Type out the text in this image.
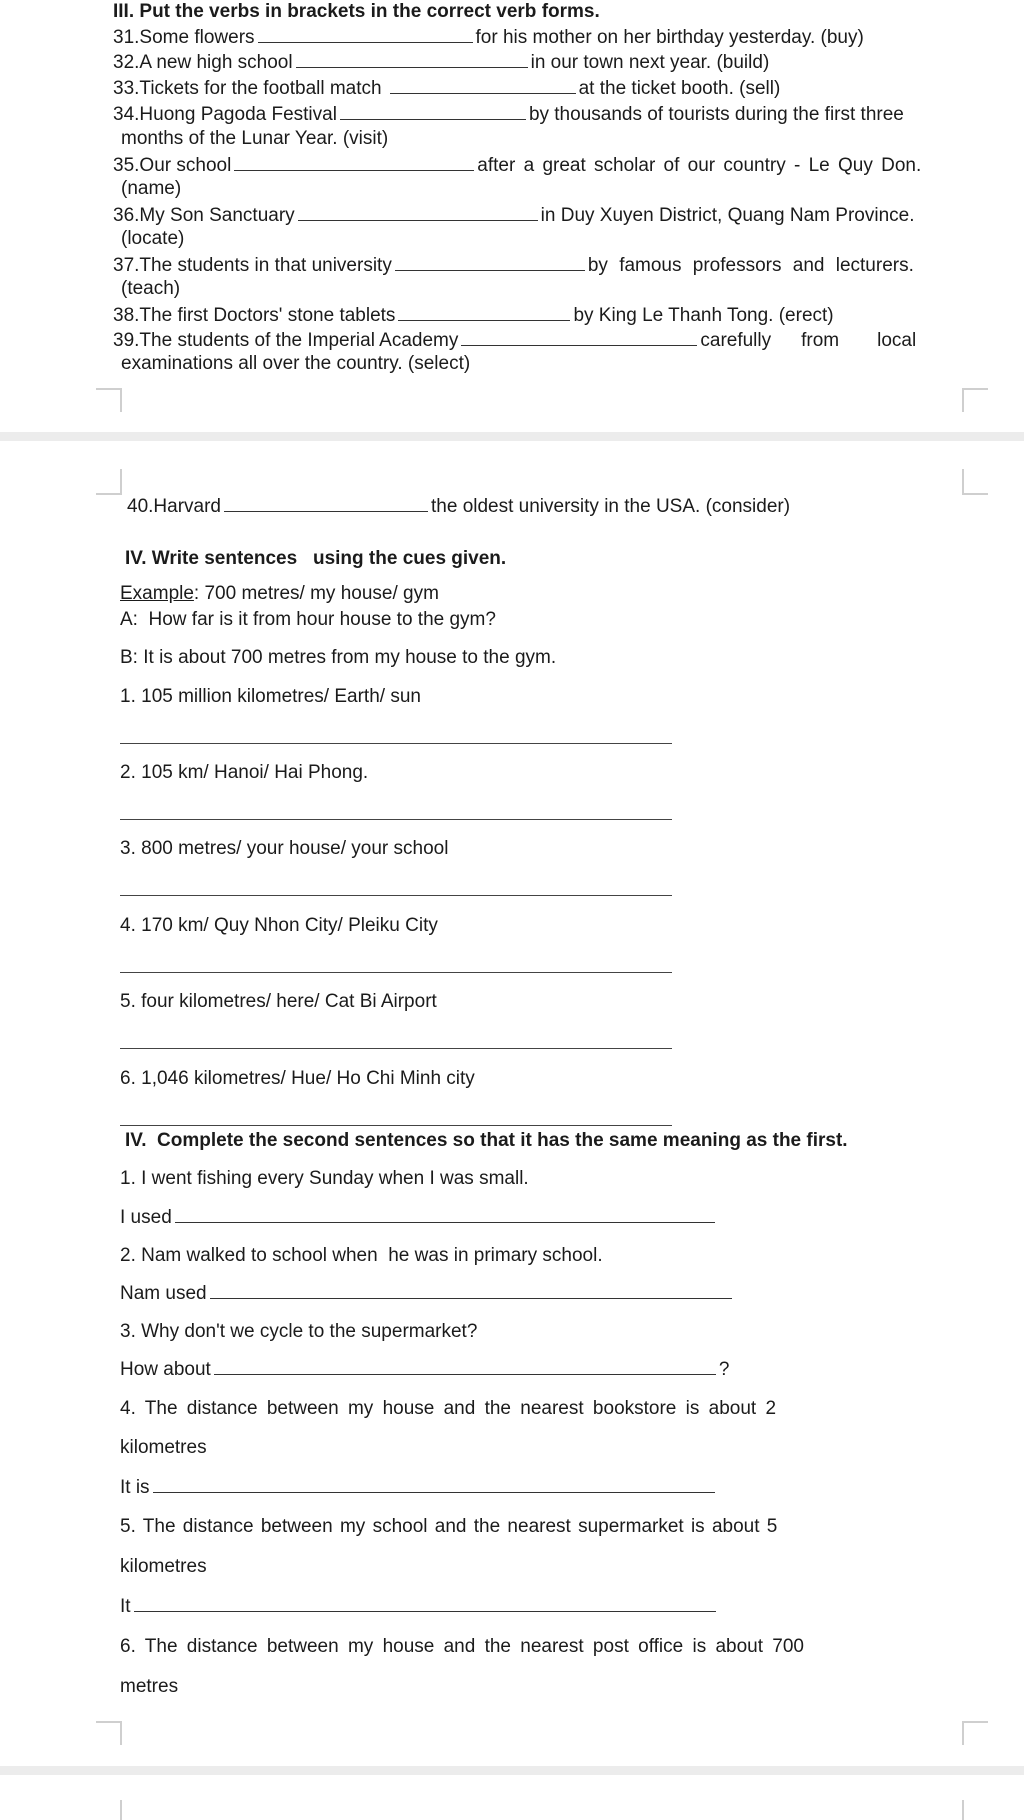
III. Put the verbs in brackets in the correct verb forms.
31.Some flowers	for his mother on her birthday yesterday. (buy)
32.A new high school	in our town next year. (build)
33.Tickets for the football match	at the ticket booth. (sell)
34.Huong Pagoda Festival	by thousands of tourists during the first three
months of the Lunar Year. (visit)
35.Our school	after a great scholar of our country - Le Quy Don.
(name)
36.My Son Sanctuary	in Duy Xuyen District, Quang Nam Province.
(locate)
37.The students in that university	by famous professors and lecturers.
(teach)
38.The first Doctors' stone tablets	by King Le Thanh Tong. (erect)
39.The students of the Imperial Academy	carefully from local
examinations all over the country. (select)
40.Harvard	the oldest university in the USA. (consider)
IV. Write sentences   using the cues given.
Example: 700 metres/ my house/ gym
A:  How far is it from hour house to the gym?
B: It is about 700 metres from my house to the gym.
1. 105 million kilometres/ Earth/ sun
2. 105 km/ Hanoi/ Hai Phong.
3. 800 metres/ your house/ your school
4. 170 km/ Quy Nhon City/ Pleiku City
5. four kilometres/ here/ Cat Bi Airport
6. 1,046 kilometres/ Hue/ Ho Chi Minh city
IV.  Complete the second sentences so that it has the same meaning as the first.
1. I went fishing every Sunday when I was small.
I used
2. Nam walked to school when  he was in primary school.
Nam used
3. Why don't we cycle to the supermarket?
How about	?
4. The distance between my house and the nearest bookstore is about 2
kilometres
It is
5. The distance between my school and the nearest supermarket is about 5
kilometres
It
6. The distance between my house and the nearest post office is about 700
metres
